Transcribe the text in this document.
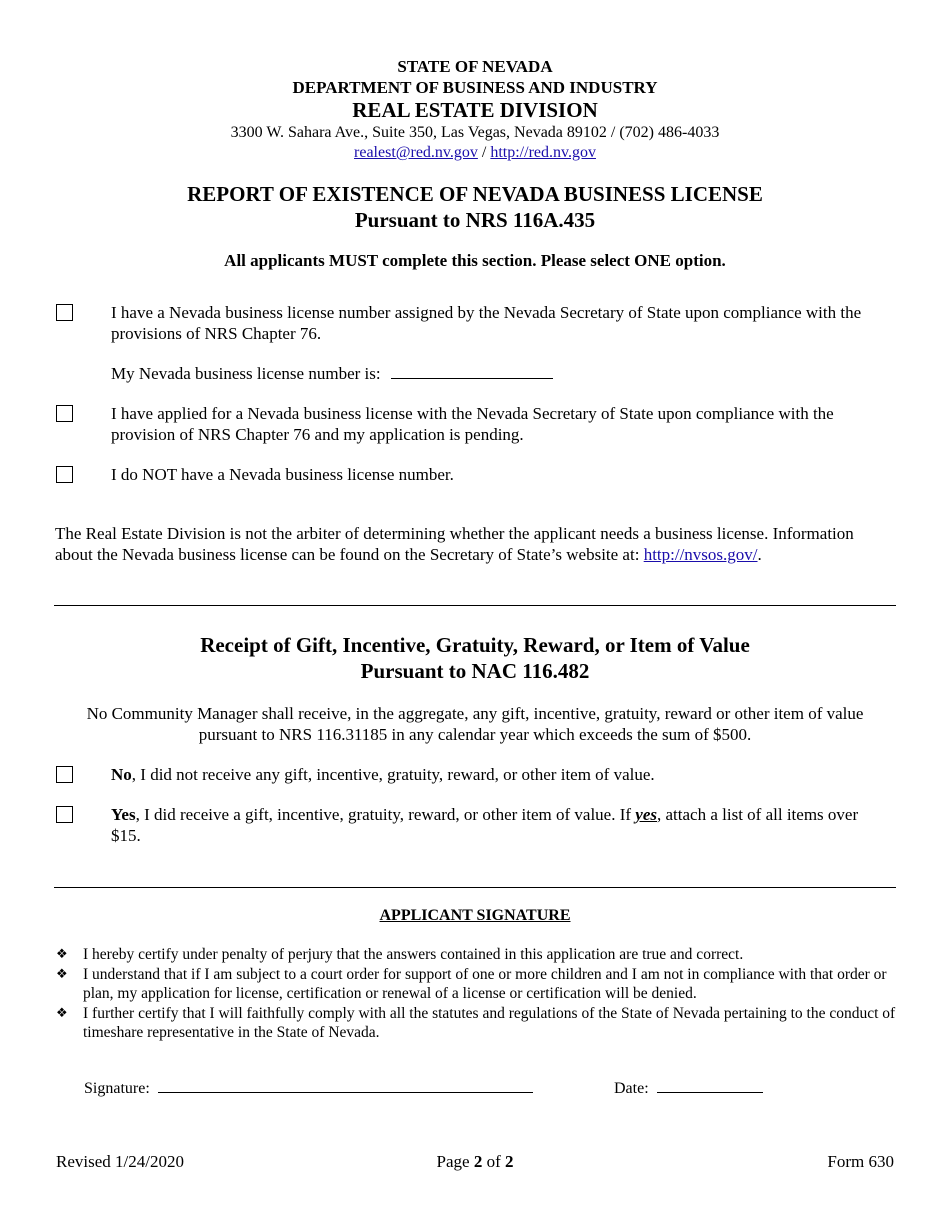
STATE OF NEVADA
DEPARTMENT OF BUSINESS AND INDUSTRY
REAL ESTATE DIVISION
3300 W. Sahara Ave., Suite 350, Las Vegas, Nevada 89102 / (702) 486-4033
realest@red.nv.gov / http://red.nv.gov
REPORT OF EXISTENCE OF NEVADA BUSINESS LICENSE
Pursuant to NRS 116A.435
All applicants MUST complete this section. Please select ONE option.
I have a Nevada business license number assigned by the Nevada Secretary of State upon compliance with the provisions of NRS Chapter 76.
My Nevada business license number is:
I have applied for a Nevada business license with the Nevada Secretary of State upon compliance with the provision of NRS Chapter 76 and my application is pending.
I do NOT have a Nevada business license number.
The Real Estate Division is not the arbiter of determining whether the applicant needs a business license. Information about the Nevada business license can be found on the Secretary of State’s website at: http://nvsos.gov/.
Receipt of Gift, Incentive, Gratuity, Reward, or Item of Value
Pursuant to NAC 116.482
No Community Manager shall receive, in the aggregate, any gift, incentive, gratuity, reward or other item of value pursuant to NRS 116.31185 in any calendar year which exceeds the sum of $500.
No, I did not receive any gift, incentive, gratuity, reward, or other item of value.
Yes, I did receive a gift, incentive, gratuity, reward, or other item of value. If yes, attach a list of all items over $15.
APPLICANT SIGNATURE
❖ I hereby certify under penalty of perjury that the answers contained in this application are true and correct.
❖ I understand that if I am subject to a court order for support of one or more children and I am not in compliance with that order or plan, my application for license, certification or renewal of a license or certification will be denied.
❖ I further certify that I will faithfully comply with all the statutes and regulations of the State of Nevada pertaining to the conduct of timeshare representative in the State of Nevada.
Signature:	Date:
Revised 1/24/2020	Page 2 of 2	Form 630
